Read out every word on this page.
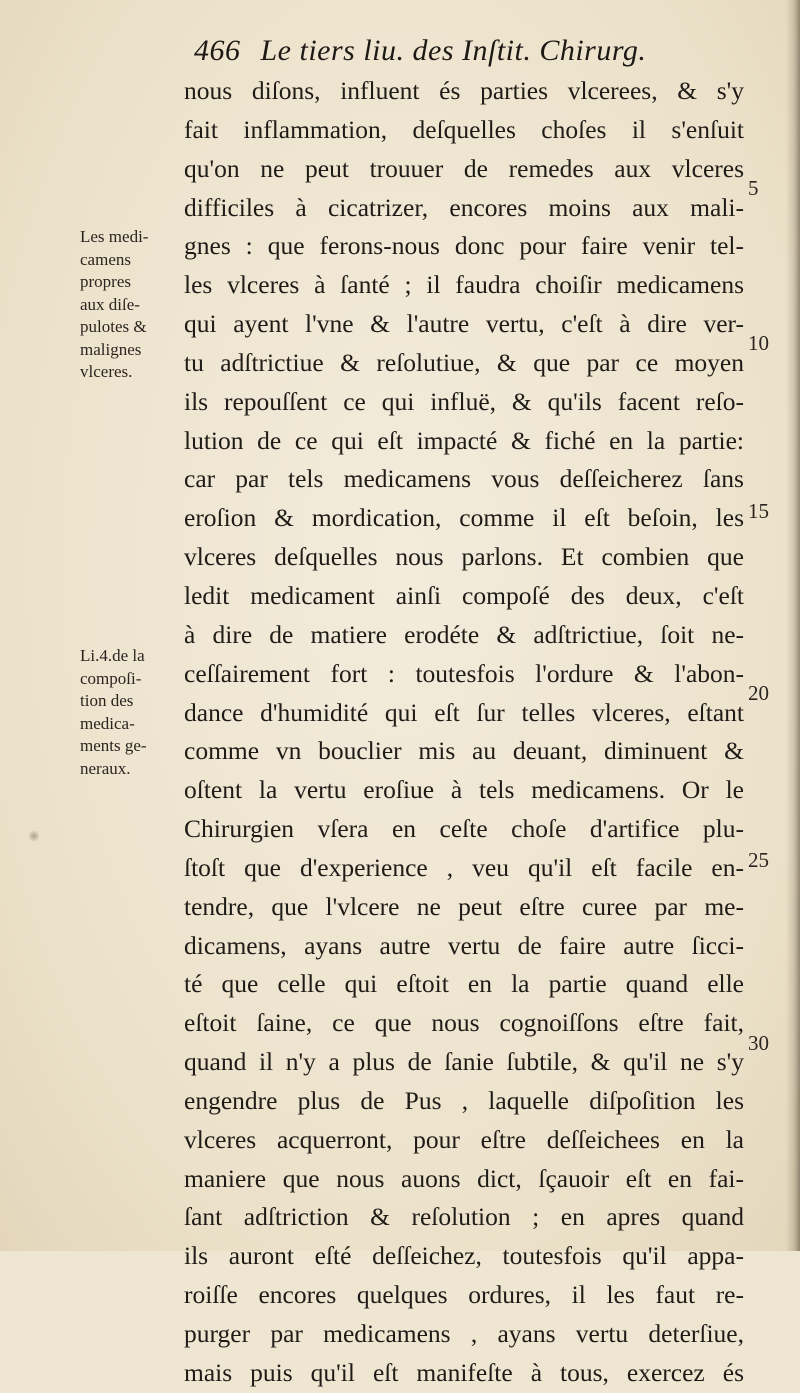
466 Le tiers liu. des Inſtit. Chirurg.
nous diſons, influent és parties vlcerees, & s'y
fait inflammation, deſquelles choſes il s'enſuit
qu'on ne peut trouuer de remedes aux vlceres
difficiles à cicatrizer, encores moins aux mali-
gnes : que ferons-nous donc pour faire venir tel-
les vlceres à ſanté ; il faudra choiſir medicamens
qui ayent l'vne & l'autre vertu, c'eſt à dire ver-
tu adſtrictiue & reſolutiue, & que par ce moyen
ils repouſſent ce qui influë, & qu'ils facent reſo-
lution de ce qui eſt impacté & fiché en la partie:
car par tels medicamens vous deſſeicherez ſans
eroſion & mordication, comme il eſt beſoin, les
vlceres deſquelles nous parlons. Et combien que
ledit medicament ainſi compoſé des deux, c'eſt
à dire de matiere erodéte & adſtrictiue, ſoit ne-
ceſſairement fort : toutesfois l'ordure & l'abon-
dance d'humidité qui eſt ſur telles vlceres, eſtant
comme vn bouclier mis au deuant, diminuent &
oſtent la vertu eroſiue à tels medicamens. Or le
Chirurgien vſera en ceſte choſe d'artifice plu-
ſtoſt que d'experience , veu qu'il eſt facile en-
tendre, que l'vlcere ne peut eſtre curee par me-
dicamens, ayans autre vertu de faire autre ſicci-
té que celle qui eſtoit en la partie quand elle
eſtoit ſaine, ce que nous cognoiſſons eſtre fait,
quand il n'y a plus de ſanie ſubtile, & qu'il ne s'y
engendre plus de Pus , laquelle diſpoſition les
vlceres acquerront, pour eſtre deſſeichees en la
maniere que nous auons dict, ſçauoir eſt en fai-
ſant adſtriction & reſolution ; en apres quand
ils auront eſté deſſeichez, toutesfois qu'il appa-
roiſſe encores quelques ordures, il les faut re-
purger par medicamens , ayans vertu deterſiue,
mais puis qu'il eſt manifeſte à tous, exercez és
Les medi-
camens
propres
aux diſe-
pulotes &
malignes
vlceres.
Li.4.de la
compoſi-
tion des
medica-
ments ge-
neraux.
5
10
15
20
25
30
